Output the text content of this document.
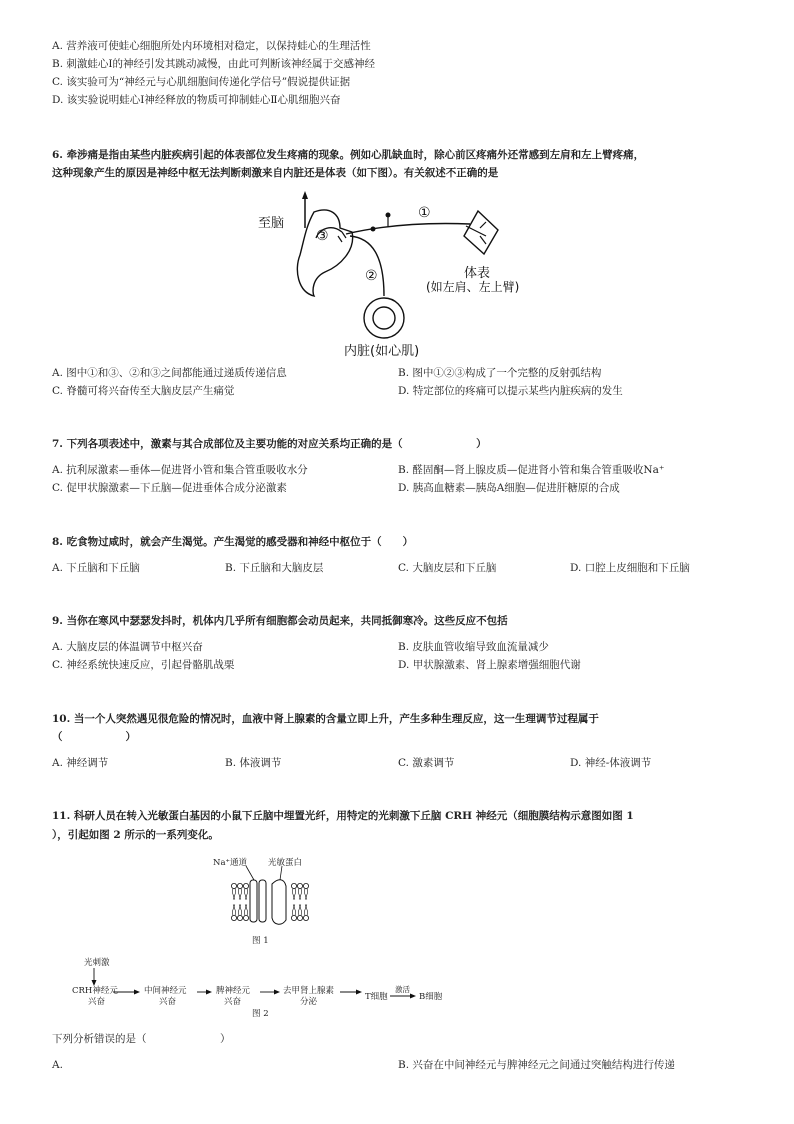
A. 营养液可使蛙心细胞所处内环境相对稳定，以保持蛙心的生理活性
B. 刺激蛙心Ⅰ的神经引发其跳动减慢，由此可判断该神经属于交感神经
C. 该实验可为“神经元与心肌细胞间传递化学信号”假说提供证据
D. 该实验说明蛙心Ⅰ神经释放的物质可抑制蛙心Ⅱ心肌细胞兴奋
6. 牵涉痛是指由某些内脏疾病引起的体表部位发生疼痛的现象。例如心肌缺血时，除心前区疼痛外还常感到左肩和左上臂疼痛，
这种现象产生的原因是神经中枢无法判断刺激来自内脏还是体表（如下图）。有关叙述不正确的是
至脑
①
②
③
体表
(如左肩、左上臂)
内脏(如心肌)
A. 图中①和③、②和③之间都能通过递质传递信息	B. 图中①②③构成了一个完整的反射弧结构
C. 脊髓可将兴奋传至大脑皮层产生痛觉	D. 特定部位的疼痛可以提示某些内脏疾病的发生
7. 下列各项表述中，激素与其合成部位及主要功能的对应关系均正确的是（　　　　　　　）
A. 抗利尿激素—垂体—促进肾小管和集合管重吸收水分	B. 醛固酮—肾上腺皮质—促进肾小管和集合管重吸收Na⁺
C. 促甲状腺激素—下丘脑—促进垂体合成分泌激素	D. 胰高血糖素—胰岛A细胞—促进肝糖原的合成
8. 吃食物过咸时，就会产生渴觉。产生渴觉的感受器和神经中枢位于（　　）
A. 下丘脑和下丘脑	B. 下丘脑和大脑皮层	C. 大脑皮层和下丘脑	D. 口腔上皮细胞和下丘脑
9. 当你在寒风中瑟瑟发抖时，机体内几乎所有细胞都会动员起来，共同抵御寒冷。这些反应不包括
A. 大脑皮层的体温调节中枢兴奋	B. 皮肤血管收缩导致血流量减少
C. 神经系统快速反应，引起骨骼肌战栗	D. 甲状腺激素、肾上腺素增强细胞代谢
10. 当一个人突然遇见很危险的情况时，血液中肾上腺素的含量立即上升，产生多种生理反应，这一生理调节过程属于
（　　　　　　）
A. 神经调节	B. 体液调节	C. 激素调节	D. 神经-体液调节
11. 科研人员在转入光敏蛋白基因的小鼠下丘脑中埋置光纤，用特定的光刺激下丘脑 CRH 神经元（细胞膜结构示意图如图 1
），引起如图 2 所示的一系列变化。
Na⁺通道 光敏蛋白
图 1
光刺激
CRH神经元
兴奋
中间神经元
兴奋
脾神经元
兴奋
去甲肾上腺素
分泌	T细胞
激活
B细胞
图 2
下列分析错误的是（　　　　　　　）
A.	B. 兴奋在中间神经元与脾神经元之间通过突触结构进行传递
